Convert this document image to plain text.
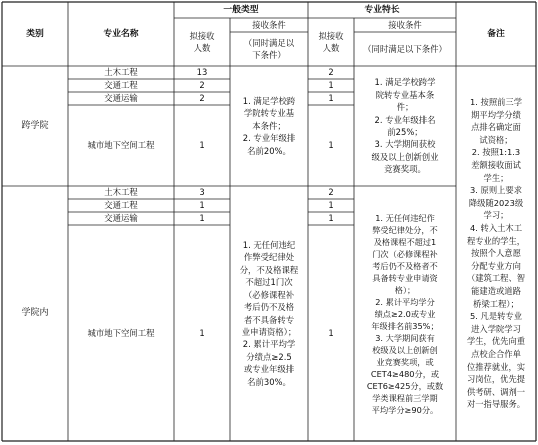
类别	专业名称
一般类型
拟接收
人数
接收条件
（同时满足以
下条件）
专业特长
拟接收
人数
接收条件
（同时满足以下条件）
备注
跨学院
土木工程
交通工程
交通运输
城市地下空间工程
13
2
2
1
1. 满足学校跨
学院转专业基
本条件；
2. 专业年级排
名前20%。
2
1
1
1
1. 满足学校跨学
院转专业基本条
件；
2. 专业年级排名
前25%；
3. 大学期间获校
级及以上创新创业
竞赛奖项。
学院内
土木工程
交通工程
交通运输
城市地下空间工程
3
1
1
1
1. 无任何违纪
作弊受纪律处
分，不及格课程
不超过1门次
（必修课程补
考后仍不及格
者不具备转专
业申请资格）；
2. 累计平均学
分绩点≥2.5
或专业年级排
名前30%。
2
1
1
1
1. 无任何违纪作
弊受纪律处分，不
及格课程不超过1
门次（必修课程补
考后仍不及格者不
具备转专业申请资
格）；
2. 累计平均学分
绩点≥2.0或专业
年级排名前35%；
3. 大学期间获有
校级及以上创新创
业竞赛奖项，或
CET4≥480分，或
CET6≥425分，或数
学类课程前三学期
平均学分≥90分。
1. 按照前三学
期平均学分绩
点排名确定面
试资格；
2. 按照1:1.3
差额接收面试
学生；
3. 原则上要求
降级随2023级
学习；
4. 转入土木工
程专业的学生，
按照个人意愿
分配专业方向
（建筑工程、智
能建造或道路
桥梁工程）；
5. 凡是转专业
进入学院学习
学生，优先向重
点校企合作单
位推荐就业，实
习岗位，优先提
供考研、调剂一
对一指导服务。
